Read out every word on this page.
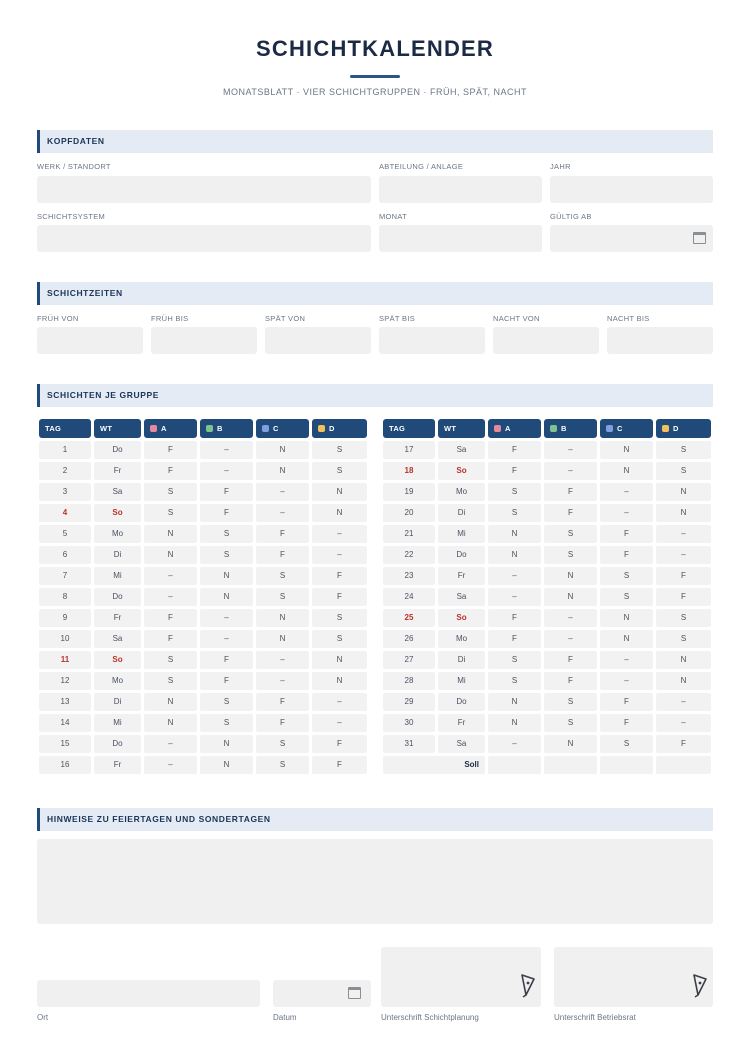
SCHICHTKALENDER
MONATSBLATT · VIER SCHICHTGRUPPEN · FRÜH, SPÄT, NACHT
KOPFDATEN
WERK / STANDORT	ABTEILUNG / ANLAGE	JAHR
SCHICHTSYSTEM	MONAT	GÜLTIG AB
SCHICHTZEITEN
FRÜH VON	FRÜH BIS	SPÄT VON	SPÄT BIS	NACHT VON	NACHT BIS
SCHICHTEN JE GRUPPE
TAG	WT	A	B	C	D
1	Do	F	–	N	S
2	Fr	F	–	N	S
3	Sa	S	F	–	N
4	So	S	F	–	N
5	Mo	N	S	F	–
6	Di	N	S	F	–
7	Mi	–	N	S	F
8	Do	–	N	S	F
9	Fr	F	–	N	S
10	Sa	F	–	N	S
11	So	S	F	–	N
12	Mo	S	F	–	N
13	Di	N	S	F	–
14	Mi	N	S	F	–
15	Do	–	N	S	F
16	Fr	–	N	S	F
TAG	WT	A	B	C	D
17	Sa	F	–	N	S
18	So	F	–	N	S
19	Mo	S	F	–	N
20	Di	S	F	–	N
21	Mi	N	S	F	–
22	Do	N	S	F	–
23	Fr	–	N	S	F
24	Sa	–	N	S	F
25	So	F	–	N	S
26	Mo	F	–	N	S
27	Di	S	F	–	N
28	Mi	S	F	–	N
29	Do	N	S	F	–
30	Fr	N	S	F	–
31	Sa	–	N	S	F
Soll
HINWEISE ZU FEIERTAGEN UND SONDERTAGEN
Ort	Datum	Unterschrift Schichtplanung	Unterschrift Betriebsrat
